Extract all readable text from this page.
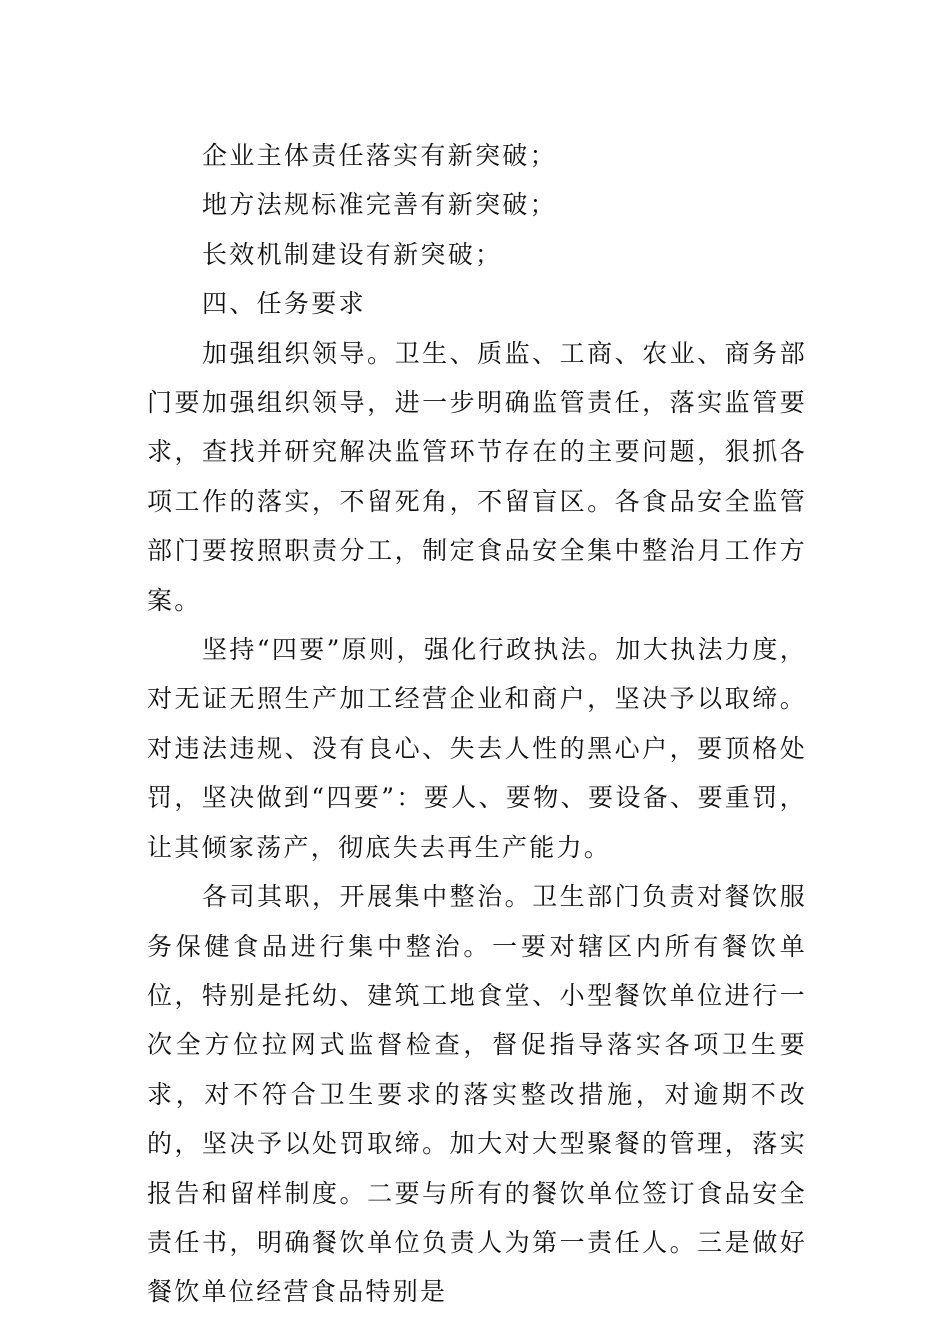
企业主体责任落实有新突破；

地方法规标准完善有新突破；

长效机制建设有新突破；

四、任务要求

加强组织领导。卫生、质监、工商、农业、商务部门要加强组织领导，进一步明确监管责任，落实监管要求，查找并研究解决监管环节存在的主要问题，狠抓各项工作的落实，不留死角，不留盲区。各食品安全监管部门要按照职责分工，制定食品安全集中整治月工作方案。

坚持“四要”原则，强化行政执法。加大执法力度，对无证无照生产加工经营企业和商户，坚决予以取缔。对违法违规、没有良心、失去人性的黑心户，要顶格处罚，坚决做到“四要”：要人、要物、要设备、要重罚，让其倾家荡产，彻底失去再生产能力。

各司其职，开展集中整治。卫生部门负责对餐饮服务保健食品进行集中整治。一要对辖区内所有餐饮单位，特别是托幼、建筑工地食堂、小型餐饮单位进行一次全方位拉网式监督检查，督促指导落实各项卫生要求，对不符合卫生要求的落实整改措施，对逾期不改的，坚决予以处罚取缔。加大对大型聚餐的管理，落实报告和留样制度。二要与所有的餐饮单位签订食品安全责任书，明确餐饮单位负责人为第一责任人。三是做好餐饮单位经营食品特别是
